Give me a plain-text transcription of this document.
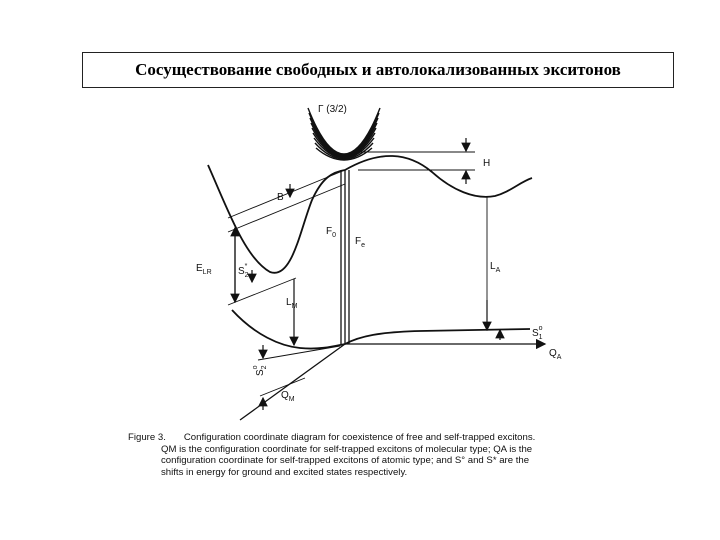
Сосуществование свободных и автолокализованных экситонов
Γ (3/2)
H
B
$F_0$
$F_e$
$E_{LR}$	$S_2*$
$L_M$
$L_A$
$S_1o$
$Q_A$
$S_2o$
$Q_M$
Figure 3. Configuration coordinate diagram for coexistence of free and self-trapped excitons.
QM is the configuration coordinate for self-trapped excitons of molecular type; QA is the
configuration coordinate for self-trapped excitons of atomic type; and S° and S* are the
shifts in energy for ground and excited states respectively.
